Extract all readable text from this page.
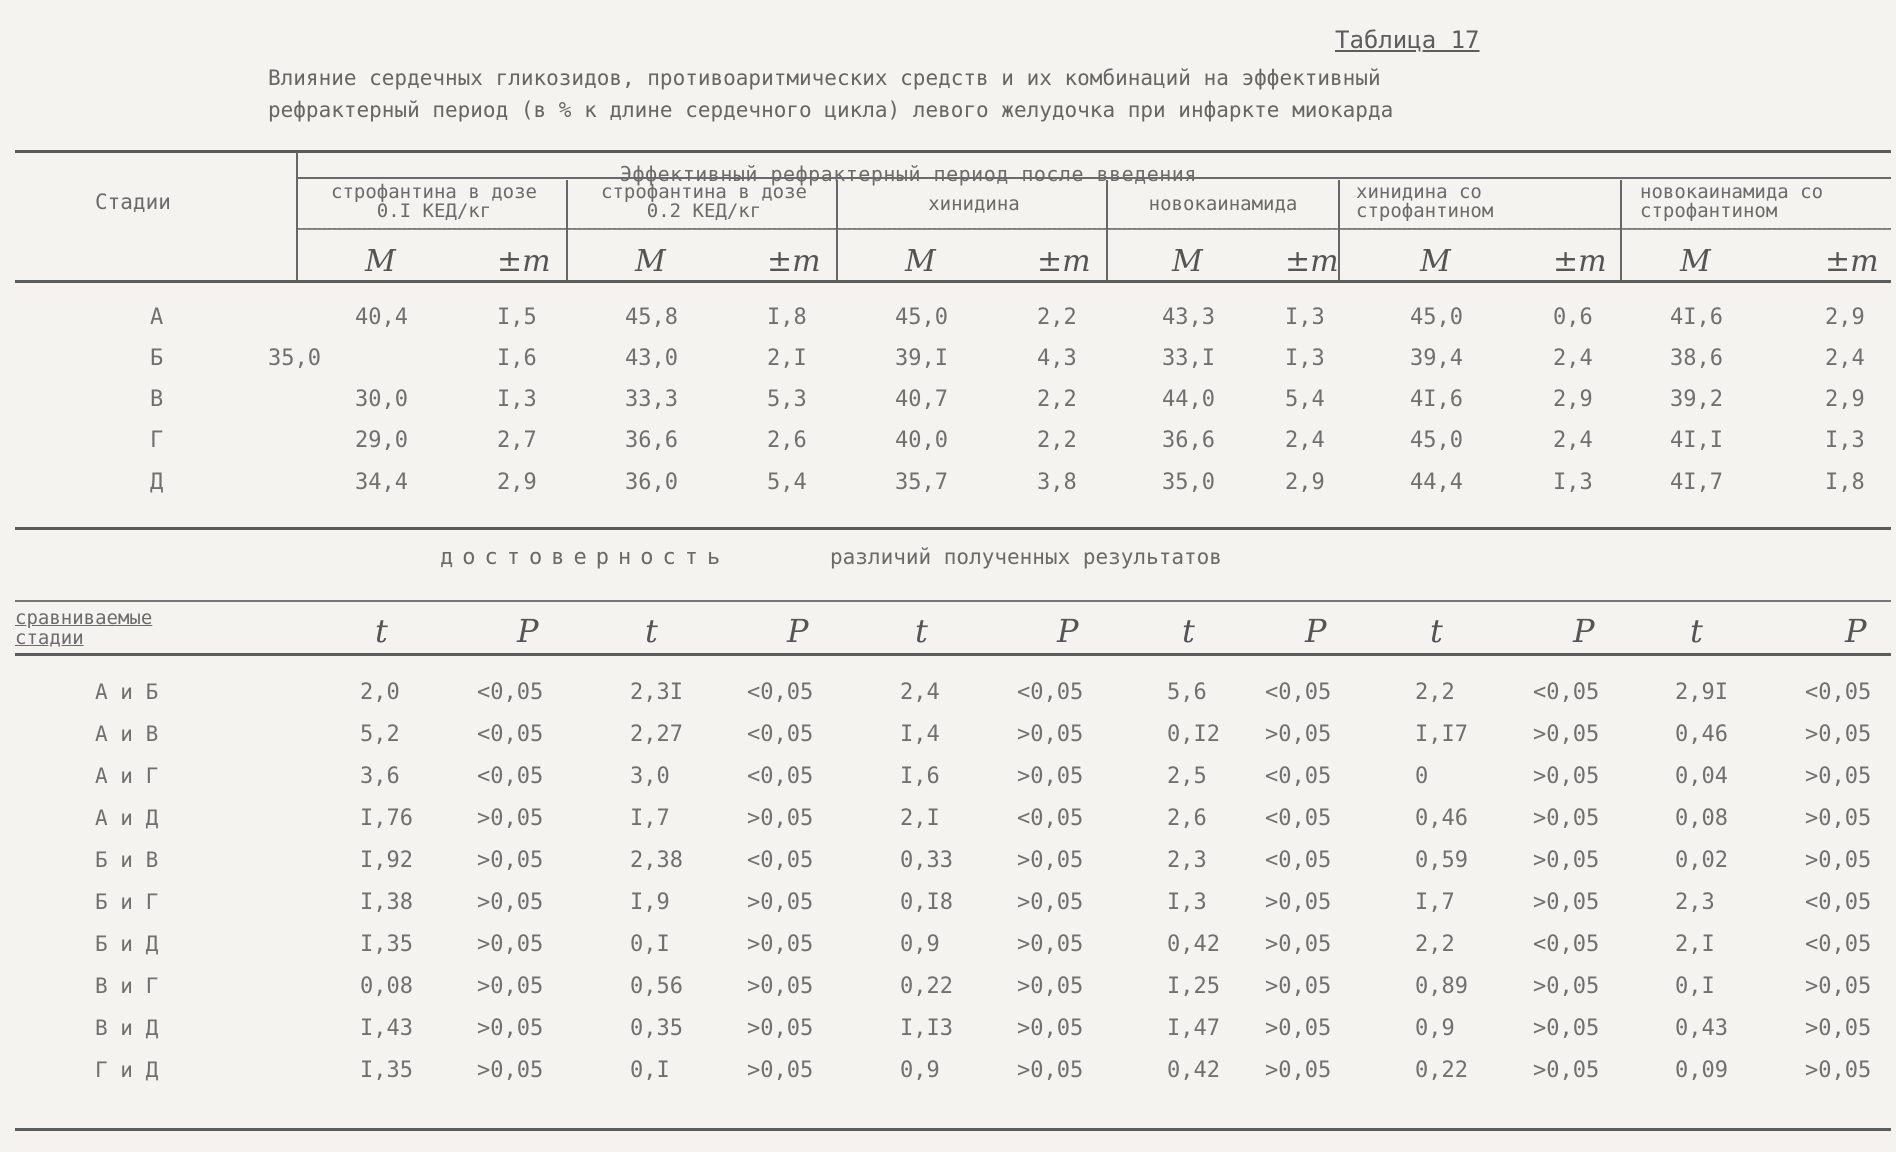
Таблица 17
Влияние сердечных гликозидов, противоаритмических средств и их комбинаций на эффективный
рефрактерный период (в % к длине сердечного цикла) левого желудочка при инфаркте миокарда
Стадии
Эффективный рефрактерный период после введения
строфантина в дозе
0.I КЕД/кг
строфантина в дозе
0.2 КЕД/кг	хинидина	новокаинамида
хинидина со
строфантином
новокаинамида со
строфантином
M	±m	M	±m	M	±m	M	±m	M	±m M	±m
А	40,4	I,5	45,8	I,8	45,0	2,2	43,3	I,3	45,0	0,6	4I,6	2,9
Б	35,0	I,6	43,0	2,I	39,I	4,3	33,I	I,3	39,4	2,4	38,6	2,4
В	30,0	I,3	33,3	5,3	40,7	2,2	44,0	5,4	4I,6	2,9	39,2	2,9
Г	29,0	2,7	36,6	2,6	40,0	2,2	36,6	2,4	45,0	2,4	4I,I	I,3
Д	34,4	2,9	36,0	5,4	35,7	3,8	35,0	2,9	44,4	I,3	4I,7	I,8
достоверность	различий полученных результатов
сравниваемые
стадии	t	P	t	P	t	P	t	P	t	P	t	P
А и Б	2,0	<0,05	2,3I	<0,05	2,4	<0,05	5,6	<0,05	2,2	<0,05	2,9I	<0,05
А и В	5,2	<0,05	2,27	<0,05	I,4	>0,05	0,I2 >0,05	I,I7	>0,05	0,46	>0,05
А и Г	3,6	<0,05	3,0	<0,05	I,6	>0,05	2,5	<0,05	0	>0,05	0,04	>0,05
А и Д	I,76	>0,05	I,7	>0,05	2,I	<0,05	2,6	<0,05	0,46	>0,05	0,08	>0,05
Б и В	I,92	>0,05	2,38	<0,05	0,33	>0,05	2,3	<0,05	0,59	>0,05	0,02	>0,05
Б и Г	I,38	>0,05	I,9	>0,05	0,I8	>0,05	I,3	>0,05	I,7	>0,05	2,3	<0,05
Б и Д	I,35	>0,05	0,I	>0,05	0,9	>0,05	0,42 >0,05	2,2	<0,05	2,I	<0,05
В и Г	0,08	>0,05	0,56	>0,05	0,22	>0,05	I,25 >0,05	0,89	>0,05	0,I	>0,05
В и Д	I,43	>0,05	0,35	>0,05	I,I3	>0,05	I,47 >0,05	0,9	>0,05	0,43	>0,05
Г и Д	I,35	>0,05	0,I	>0,05	0,9	>0,05	0,42 >0,05	0,22	>0,05	0,09	>0,05
